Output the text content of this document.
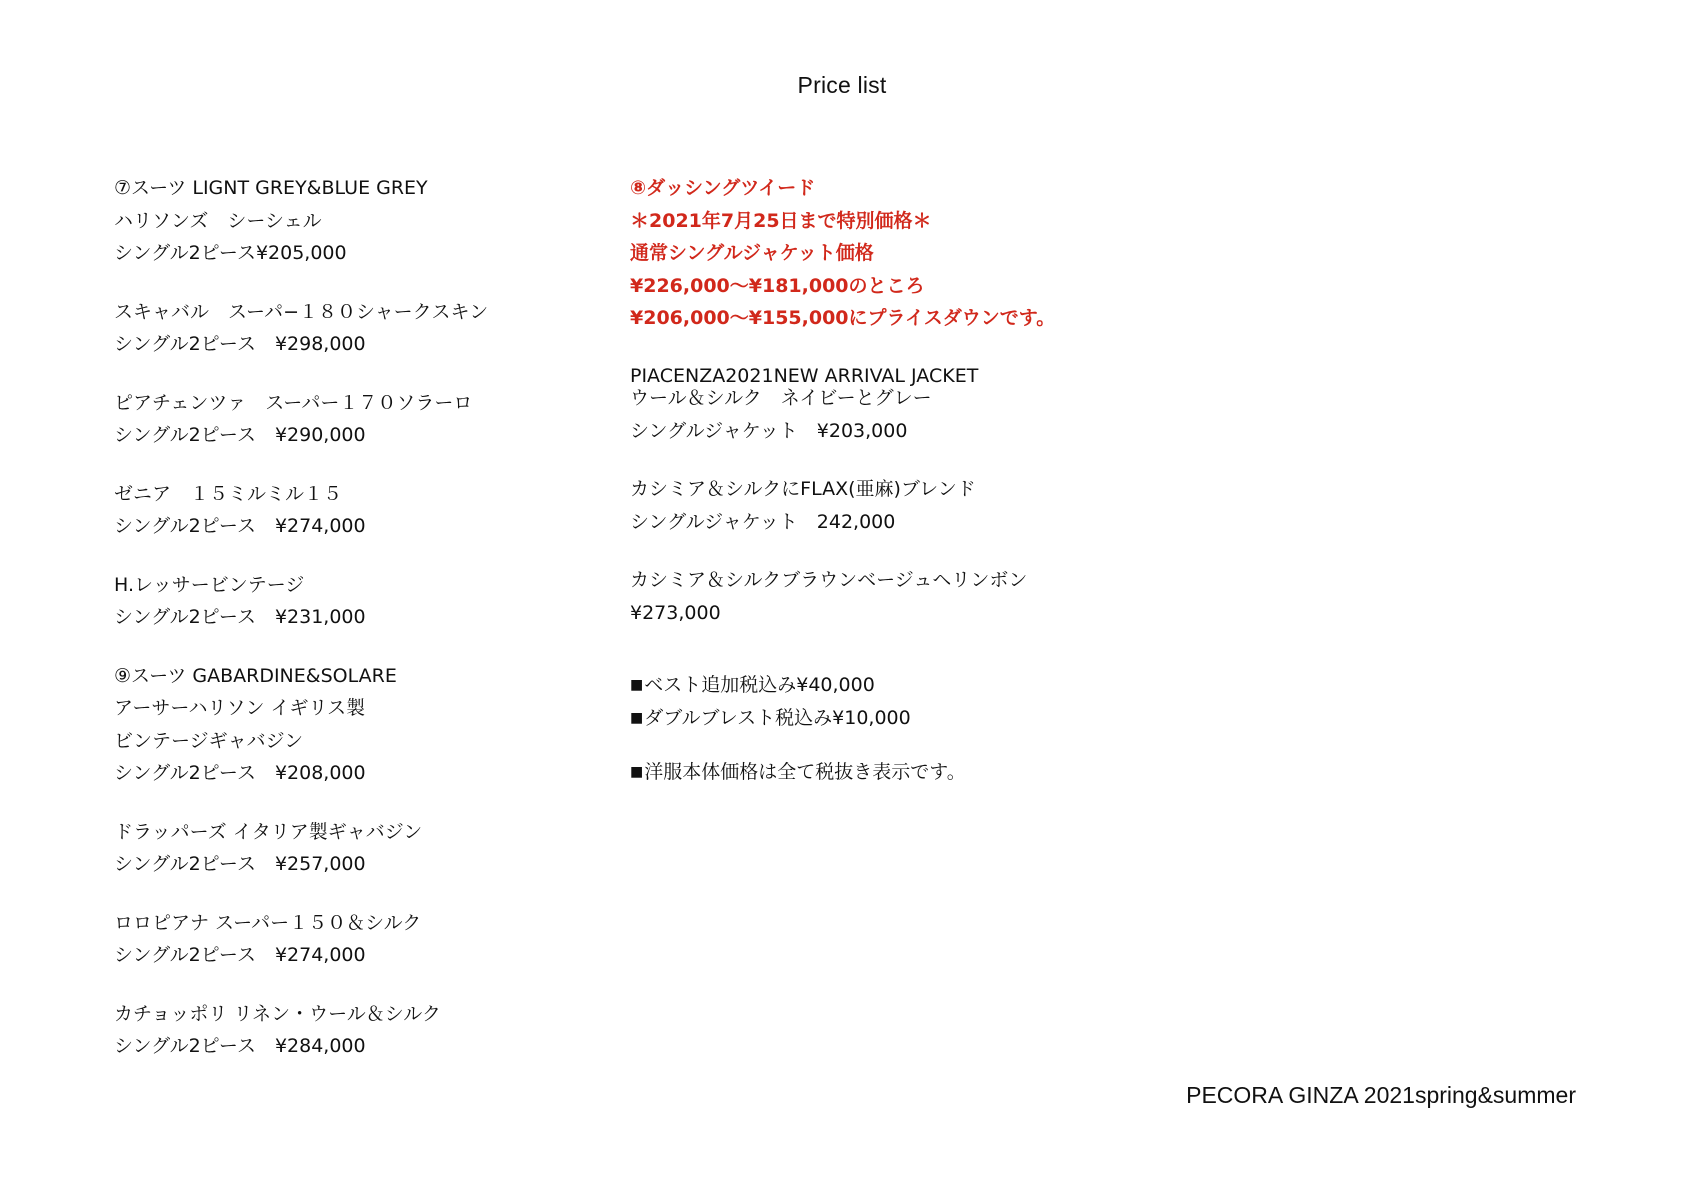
Price list
⑦スーツ LIGNT GREY&BLUE GREY
ハリソンズ　シーシェル
シングル2ピース¥205,000
スキャバル　スーパ−１８０シャークスキン
シングル2ピース　¥298,000
ピアチェンツァ　スーパー１７０ソラーロ
シングル2ピース　¥290,000
ゼニア　１５ミルミル１５
シングル2ピース　¥274,000
H.レッサービンテージ
シングル2ピース　¥231,000
⑨スーツ GABARDINE&SOLARE
アーサーハリソン イギリス製
ビンテージギャバジン
シングル2ピース　¥208,000
ドラッパーズ イタリア製ギャバジン
シングル2ピース　¥257,000
ロロピアナ スーパー１５０＆シルク
シングル2ピース　¥274,000
カチョッポリ リネン・ウール＆シルク
シングル2ピース　¥284,000
⑧ダッシングツイード
＊2021年7月25日まで特別価格＊
通常シングルジャケット価格
¥226,000〜¥181,000のところ
¥206,000〜¥155,000にプライスダウンです。
PIACENZA2021NEW ARRIVAL JACKET
ウール＆シルク　ネイビーとグレー
シングルジャケット　¥203,000
カシミア＆シルクにFLAX(亜麻)ブレンド
シングルジャケット　242,000
カシミア＆シルクブラウンベージュヘリンボン
¥273,000
■ベスト追加税込み¥40,000
■ダブルブレスト税込み¥10,000
■洋服本体価格は全て税抜き表示です。
PECORA GINZA 2021spring&summer
